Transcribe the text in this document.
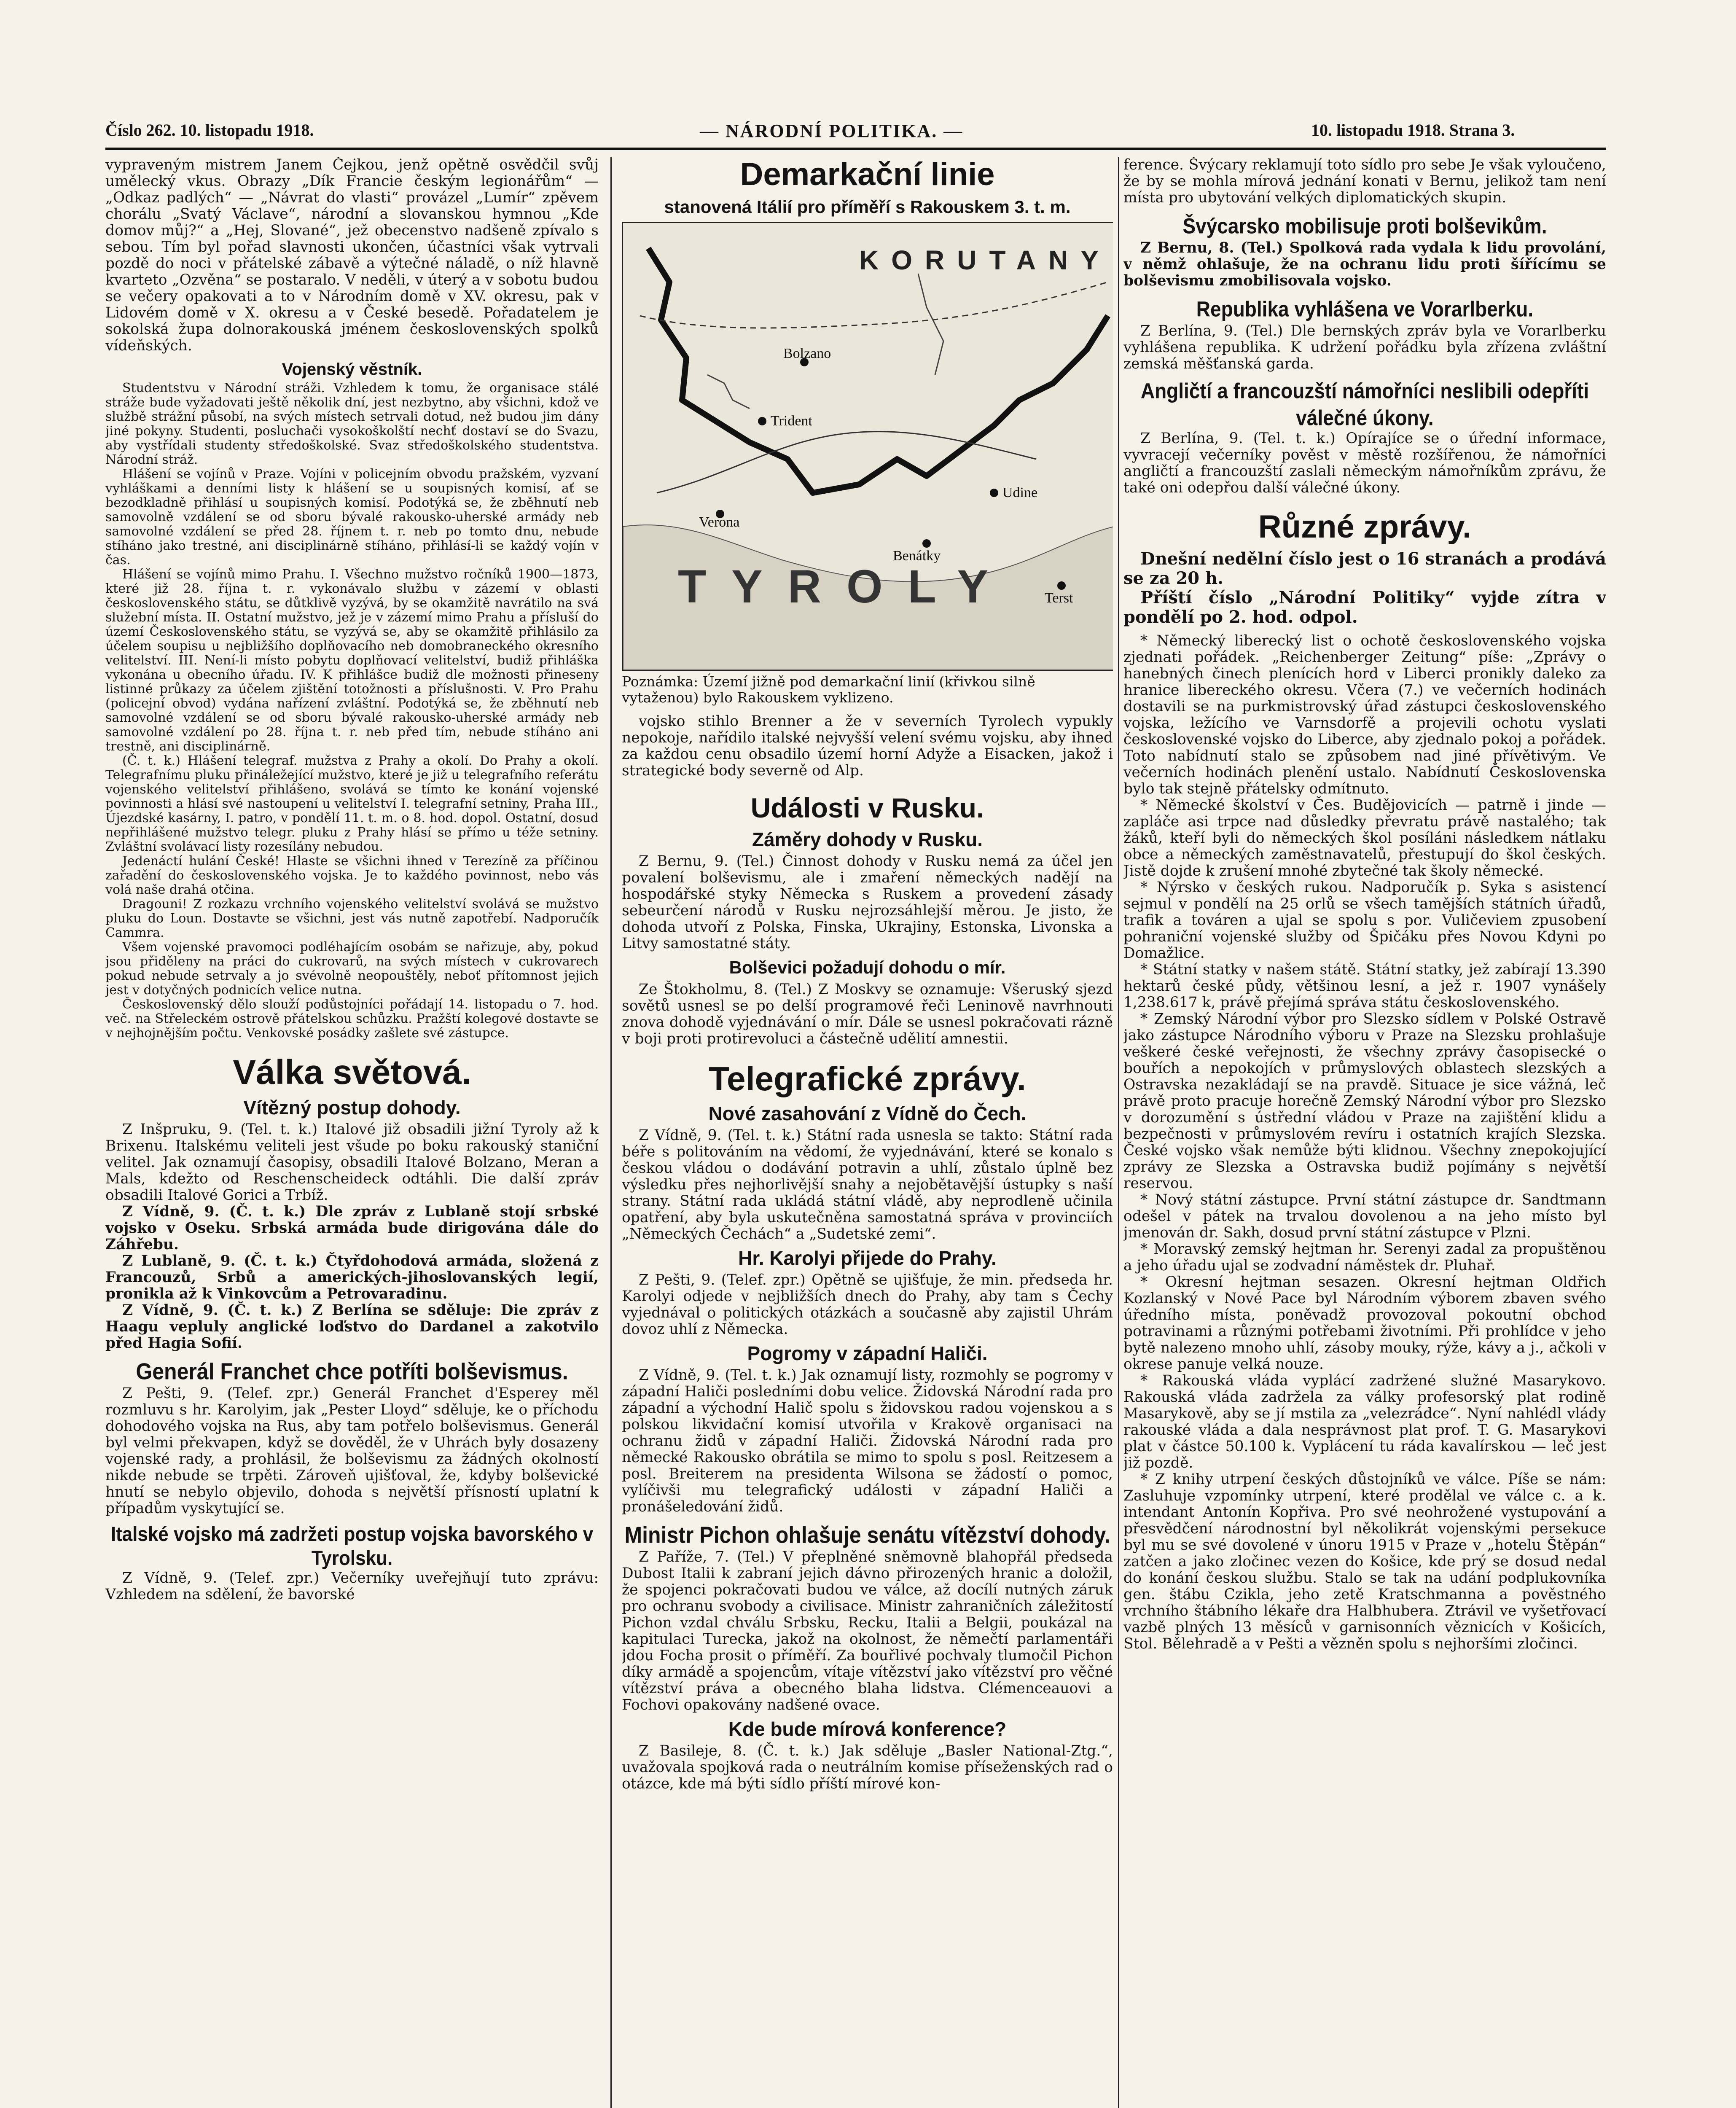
Číslo 262. 10. listopadu 1918.	— NÁRODNÍ POLITIKA. —	10. listopadu 1918. Strana 3.

vypraveným mistrem Janem Čejkou, jenž opětně osvědčil svůj umělecký vkus. Obrazy „Dík Francie českým legionářům“ — „Odkaz padlých“ — „Návrat do vlasti“ provázel „Lumír“ zpěvem chorálu „Svatý Václave“, národní a slovanskou hymnou „Kde domov můj?“ a „Hej, Slované“, jež obecenstvo nadšeně zpívalo s sebou. Tím byl pořad slavnosti ukončen, účastníci však vytrvali pozdě do noci v přátelské zábavě a výtečné náladě, o níž hlavně kvarteto „Ozvěna“ se postaralo. V neděli, v úterý a v sobotu budou se večery opakovati a to v Národním domě v XV. okresu, pak v Lidovém domě v X. okresu a v České besedě. Pořadatelem je sokolská župa dolnorakouská jménem československých spolků vídeňských.

Vojenský věstník.

Studentstvu v Národní stráži. Vzhledem k tomu, že organisace stálé stráže bude vyžadovati ještě několik dní, jest nezbytno, aby všichni, kdož ve službě strážní působí, na svých místech setrvali dotud, než budou jim dány jiné pokyny. Studenti, posluchači vysokoškolští nechť dostaví se do Svazu, aby vystřídali studenty středoškolské. Svaz středoškolského studentstva. Národní stráž.

Hlášení se vojínů v Praze. Vojíni v policejním obvodu pražském, vyzvaní vyhláškami a denními listy k hlášení se u soupisných komisí, ať se bezodkladně přihlásí u soupisných komisí. Podotýká se, že zběhnutí neb samovolně vzdálení se od sboru bývalé rakousko-uherské armády neb samovolné vzdálení se před 28. říjnem t. r. neb po tomto dnu, nebude stíháno jako trestné, ani disciplinárně stíháno, přihlásí-li se každý vojín v čas.

Hlášení se vojínů mimo Prahu. I. Všechno mužstvo ročníků 1900—1873, které již 28. října t. r. vykonávalo službu v zázemí v oblasti československého státu, se důtklivě vyzývá, by se okamžitě navrátilo na svá služební místa. II. Ostatní mužstvo, jež je v zázemí mimo Prahu a přísluší do území Československého státu, se vyzývá se, aby se okamžitě přihlásilo za účelem soupisu u nejbližšího doplňovacího neb domobraneckého okresního velitelství. III. Není-li místo pobytu doplňovací velitelství, budiž přihláška vykonána u obecního úřadu. IV. K přihlášce budiž dle možnosti přineseny listinné průkazy za účelem zjištění totožnosti a příslušnosti. V. Pro Prahu (policejní obvod) vydána nařízení zvláštní. Podotýká se, že zběhnutí neb samovolné vzdálení se od sboru bývalé rakousko-uherské armády neb samovolné vzdálení po 28. října t. r. neb před tím, nebude stíháno ani trestně, ani disciplinárně.

(Č. t. k.) Hlášení telegraf. mužstva z Prahy a okolí. Do Prahy a okolí. Telegrafnímu pluku přináležející mužstvo, které je již u telegrafního referátu vojenského velitelství přihlášeno, svolává se tímto ke konání vojenské povinnosti a hlásí své nastoupení u velitelství I. telegrafní setniny, Praha III., Újezdské kasárny, I. patro, v pondělí 11. t. m. o 8. hod. dopol. Ostatní, dosud nepřihlášené mužstvo telegr. pluku z Prahy hlásí se přímo u téže setniny. Zvláštní svolávací listy rozesílány nebudou.

Jedenáctí hulání České! Hlaste se všichni ihned v Terezíně za příčinou zařadění do československého vojska. Je to každého povinnost, nebo vás volá naše drahá otčina.

Dragouni! Z rozkazu vrchního vojenského velitelství svolává se mužstvo pluku do Loun. Dostavte se všichni, jest vás nutně zapotřebí. Nadporučík Cammra.

Všem vojenské pravomoci podléhajícím osobám se nařizuje, aby, pokud jsou přiděleny na práci do cukrovarů, na svých místech v cukrovarech pokud nebude setrvaly a jo svévolně neopouštěly, neboť přítomnost jejich jest v dotyčných podnicích velice nutna.

Československý dělo slouží podůstojníci pořádají 14. listopadu o 7. hod. več. na Střeleckém ostrově přátelskou schůzku. Pražští kolegové dostavte se v nejhojnějším počtu. Venkovské posádky zašlete své zástupce.

Válka světová.
Vítězný postup dohody.

Z Inšpruku, 9. (Tel. t. k.) Italové již obsadili jižní Tyroly až k Brixenu. Italskému veliteli jest všude po boku rakouský staniční velitel. Jak oznamují časopisy, obsadili Italové Bolzano, Meran a Mals, kdežto od Reschenscheideck odtáhli. Die další zpráv obsadili Italové Gorici a Trbíž.

Z Vídně, 9. (Č. t. k.) Dle zpráv z Lublaně stojí srbské vojsko v Oseku. Srbská armáda bude dirigována dále do Záhřebu.

Z Lublaně, 9. (Č. t. k.) Čtyřdohodová armáda, složená z Francouzů, Srbů a amerických-jihoslovanských legií, pronikla až k Vinkovcům a Petrovaradinu.

Z Vídně, 9. (Č. t. k.) Z Berlína se sděluje: Die zpráv z Haagu vepluly anglické loďstvo do Dardanel a zakotvilo před Hagia Sofií.

Generál Franchet chce potříti bolševismus.

Z Pešti, 9. (Telef. zpr.) Generál Franchet d'Esperey měl rozmluvu s hr. Karolyim, jak „Pester Lloyd“ sděluje, ke o příchodu dohodového vojska na Rus, aby tam potřelo bolševismus. Generál byl velmi překvapen, když se dověděl, že v Uhrách byly dosazeny vojenské rady, a prohlásil, že bolševismu za žádných okolností nikde nebude se trpěti. Zároveň ujišťoval, že, kdyby bolševické hnutí se nebylo objevilo, dohoda s největší přísností uplatní k případům vyskytující se.

Italské vojsko má zadržeti postup vojska bavorského v Tyrolsku.

Z Vídně, 9. (Telef. zpr.) Večerníky uveřejňují tuto zprávu: Vzhledem na sdělení, že bavorské

Demarkační linie
stanovená Itálií pro příměří s Rakouskem 3. t. m.
KORUTANY
TYROLY
Verona
Benátky
Trident
Bolzano
Udine
Terst
Poznámka: Území jižně pod demarkační linií (křivkou silně vytaženou) bylo Rakouskem vyklizeno.

vojsko stihlo Brenner a že v severních Tyrolech vypukly nepokoje, nařídilo italské nejvyšší velení svému vojsku, aby ihned za každou cenu obsadilo území horní Adyže a Eisacken, jakož i strategické body severně od Alp.

Události v Rusku.
Záměry dohody v Rusku.

Z Bernu, 9. (Tel.) Činnost dohody v Rusku nemá za účel jen povalení bolševismu, ale i zmaření německých nadějí na hospodářské styky Německa s Ruskem a provedení zásady sebeurčení národů v Rusku nejrozsáhlejší měrou. Je jisto, že dohoda utvoří z Polska, Finska, Ukrajiny, Estonska, Livonska a Litvy samostatné státy.

Bolševici požadují dohodu o mír.

Ze Štokholmu, 8. (Tel.) Z Moskvy se oznamuje: Všeruský sjezd sovětů usnesl se po delší programové řeči Leninově navrhnouti znova dohodě vyjednávání o mír. Dále se usnesl pokračovati rázně v boji proti protirevoluci a částečně udělití amnestii.

Telegrafické zprávy.
Nové zasahování z Vídně do Čech.

Z Vídně, 9. (Tel. t. k.) Státní rada usnesla se takto: Státní rada béře s politováním na vědomí, že vyjednávání, které se konalo s českou vládou o dodávání potravin a uhlí, zůstalo úplně bez výsledku přes nejhorlivější snahy a nejobětavější ústupky s naší strany. Státní rada ukládá státní vládě, aby neprodleně učinila opatření, aby byla uskutečněna samostatná správa v provinciích „Německých Čechách“ a „Sudetské zemi“.

Hr. Karolyi přijede do Prahy.

Z Pešti, 9. (Telef. zpr.) Opětně se ujišťuje, že min. předseda hr. Karolyi odjede v nejbližších dnech do Prahy, aby tam s Čechy vyjednával o politických otázkách a současně aby zajistil Uhrám dovoz uhlí z Německa.

Pogromy v západní Haliči.

Z Vídně, 9. (Tel. t. k.) Jak oznamují listy, rozmohly se pogromy v západní Haliči posledními dobu velice. Židovská Národní rada pro západní a východní Halič spolu s židovskou radou vojenskou a s polskou likvidační komisí utvořila v Krakově organisaci na ochranu židů v západní Haliči. Židovská Národní rada pro německé Rakousko obrátila se mimo to spolu s posl. Reitzesem a posl. Breiterem na presidenta Wilsona se žádostí o pomoc, vylíčivši mu telegrafický události v západní Haliči a pronášeledování židů.

Ministr Pichon ohlašuje senátu vítězství dohody.

Z Paříže, 7. (Tel.) V přeplněné sněmovně blahopřál předseda Dubost Italii k zabraní jejich dávno přirozených hranic a doložil, že spojenci pokračovati budou ve válce, až docílí nutných záruk pro ochranu svobody a civilisace. Ministr zahraničních záležitostí Pichon vzdal chválu Srbsku, Recku, Italii a Belgii, poukázal na kapitulaci Turecka, jakož na okolnost, že němečtí parlamentáři jdou Focha prosit o příměří. Za bouřlivé pochvaly tlumočil Pichon díky armádě a spojencům, vítaje vítězství jako vítězství pro věčné vítězství práva a obecného blaha lidstva. Clémenceauovi a Fochovi opakovány nadšené ovace.

Kde bude mírová konference?

Z Basileje, 8. (Č. t. k.) Jak sděluje „Basler National-Ztg.“, uvažovala spojková rada o neutrálním komise příseženských rad o otázce, kde má býti sídlo příští mírové kon-

ference. Švýcary reklamují toto sídlo pro sebe Je však vyloučeno, že by se mohla mírová jednání konati v Bernu, jelikož tam není místa pro ubytování velkých diplomatických skupin.

Švýcarsko mobilisuje proti bolševikům.

Z Bernu, 8. (Tel.) Spolková rada vydala k lidu provolání, v němž ohlašuje, že na ochranu lidu proti šířícímu se bolševismu zmobilisovala vojsko.

Republika vyhlášena ve Vorarlberku.

Z Berlína, 9. (Tel.) Dle bernských zpráv byla ve Vorarlberku vyhlášena republika. K udržení pořádku byla zřízena zvláštní zemská měšťanská garda.

Angličtí a francouzští námořníci neslibili odepříti válečné úkony.

Z Berlína, 9. (Tel. t. k.) Opírajíce se o úřední informace, vyvracejí večerníky pověst v městě rozšířenou, že námořníci angličtí a francouzští zaslali německým námořníkům zprávu, že také oni odepřou další válečné úkony.

Různé zprávy.

Dnešní nedělní číslo jest o 16 stranách a prodává se za 20 h.

Příští číslo „Národní Politiky“ vyjde zítra v pondělí po 2. hod. odpol.

* Německý liberecký list o ochotě československého vojska zjednati pořádek. „Reichenberger Zeitung“ píše: „Zprávy o hanebných činech plenících hord v Liberci pronikly daleko za hranice libereckého okresu. Včera (7.) ve večerních hodinách dostavili se na purkmistrovský úřad zástupci československého vojska, ležícího ve Varnsdorfě a projevili ochotu vyslati československé vojsko do Liberce, aby zjednalo pokoj a pořádek. Toto nabídnutí stalo se způsobem nad jiné přívětivým. Ve večerních hodinách plenění ustalo. Nabídnutí Československa bylo tak stejně přátelsky odmítnuto.

* Německé školství v Čes. Budějovicích — patrně i jinde — zapláče asi trpce nad důsledky převratu právě nastalého; tak žáků, kteří byli do německých škol posíláni následkem nátlaku obce a německých zaměstnavatelů, přestupují do škol českých. Jistě dojde k zrušení mnohé zbytečné tak školy německé.

* Nýrsko v českých rukou. Nadporučík p. Syka s asistencí sejmul v pondělí na 25 orlů se všech tamějších státních úřadů, trafik a továren a ujal se spolu s por. Vuličeviem zpusobení pohraniční vojenské služby od Špičáku přes Novou Kdyni po Domažlice.

* Státní statky v našem státě. Státní statky, jež zabírají 13.390 hektarů české půdy, většinou lesní, a jež r. 1907 vynášely 1,238.617 k, právě přejímá správa státu československého.

* Zemský Národní výbor pro Slezsko sídlem v Polské Ostravě jako zástupce Národního výboru v Praze na Slezsku prohlašuje veškeré české veřejnosti, že všechny zprávy časopisecké o bouřích a nepokojích v průmyslových oblastech slezských a Ostravska nezakládají se na pravdě. Situace je sice vážná, leč právě proto pracuje horečně Zemský Národní výbor pro Slezsko v dorozumění s ústřední vládou v Praze na zajištění klidu a bezpečnosti v průmyslovém revíru i ostatních krajích Slezska. České vojsko však nemůže býti klidnou. Všechny znepokojující zprávy ze Slezska a Ostravska budiž pojímány s největší reservou.

* Nový státní zástupce. První státní zástupce dr. Sandtmann odešel v pátek na trvalou dovolenou a na jeho místo byl jmenován dr. Sakh, dosud první státní zástupce v Plzni.

* Moravský zemský hejtman hr. Serenyi zadal za propuštěnou a jeho úřadu ujal se zodvadní náměstek dr. Pluhař.

* Okresní hejtman sesazen. Okresní hejtman Oldřich Kozlanský v Nové Pace byl Národním výborem zbaven svého úředního místa, poněvadž provozoval pokoutní obchod potravinami a různými potřebami životními. Při prohlídce v jeho bytě nalezeno mnoho uhlí, zásoby mouky, rýže, kávy a j., ačkoli v okrese panuje velká nouze.

* Rakouská vláda vyplácí zadržené služné Masarykovo. Rakouská vláda zadržela za války profesorský plat rodině Masarykově, aby se jí mstila za „velezrádce“. Nyní nahlédl vlády rakouské vláda a dala nesprávnost plat prof. T. G. Masarykovi plat v částce 50.100 k. Vyplácení tu ráda kavalírskou — leč jest již pozdě.

* Z knihy utrpení českých důstojníků ve válce. Píše se nám: Zasluhuje vzpomínky utrpení, které prodělal ve válce c. a k. intendant Antonín Kopřiva. Pro své neohrožené vystupování a přesvědčení národnostní byl několikrát vojenskými persekuce byl mu se své dovolené v únoru 1915 v Praze v „hotelu Štěpán“ zatčen a jako zločinec vezen do Košice, kde prý se dosud nedal do konání českou službu. Stalo se tak na udání podplukovníka gen. štábu Czikla, jeho zetě Kratschmanna a pověstného vrchního štábního lékaře dra Halbhubera. Ztrávil ve vyšetřovací vazbě plných 13 měsíců v garnisonních věznicích v Košicích, Stol. Bělehradě a v Pešti a vězněn spolu s nejhoršími zločinci.
